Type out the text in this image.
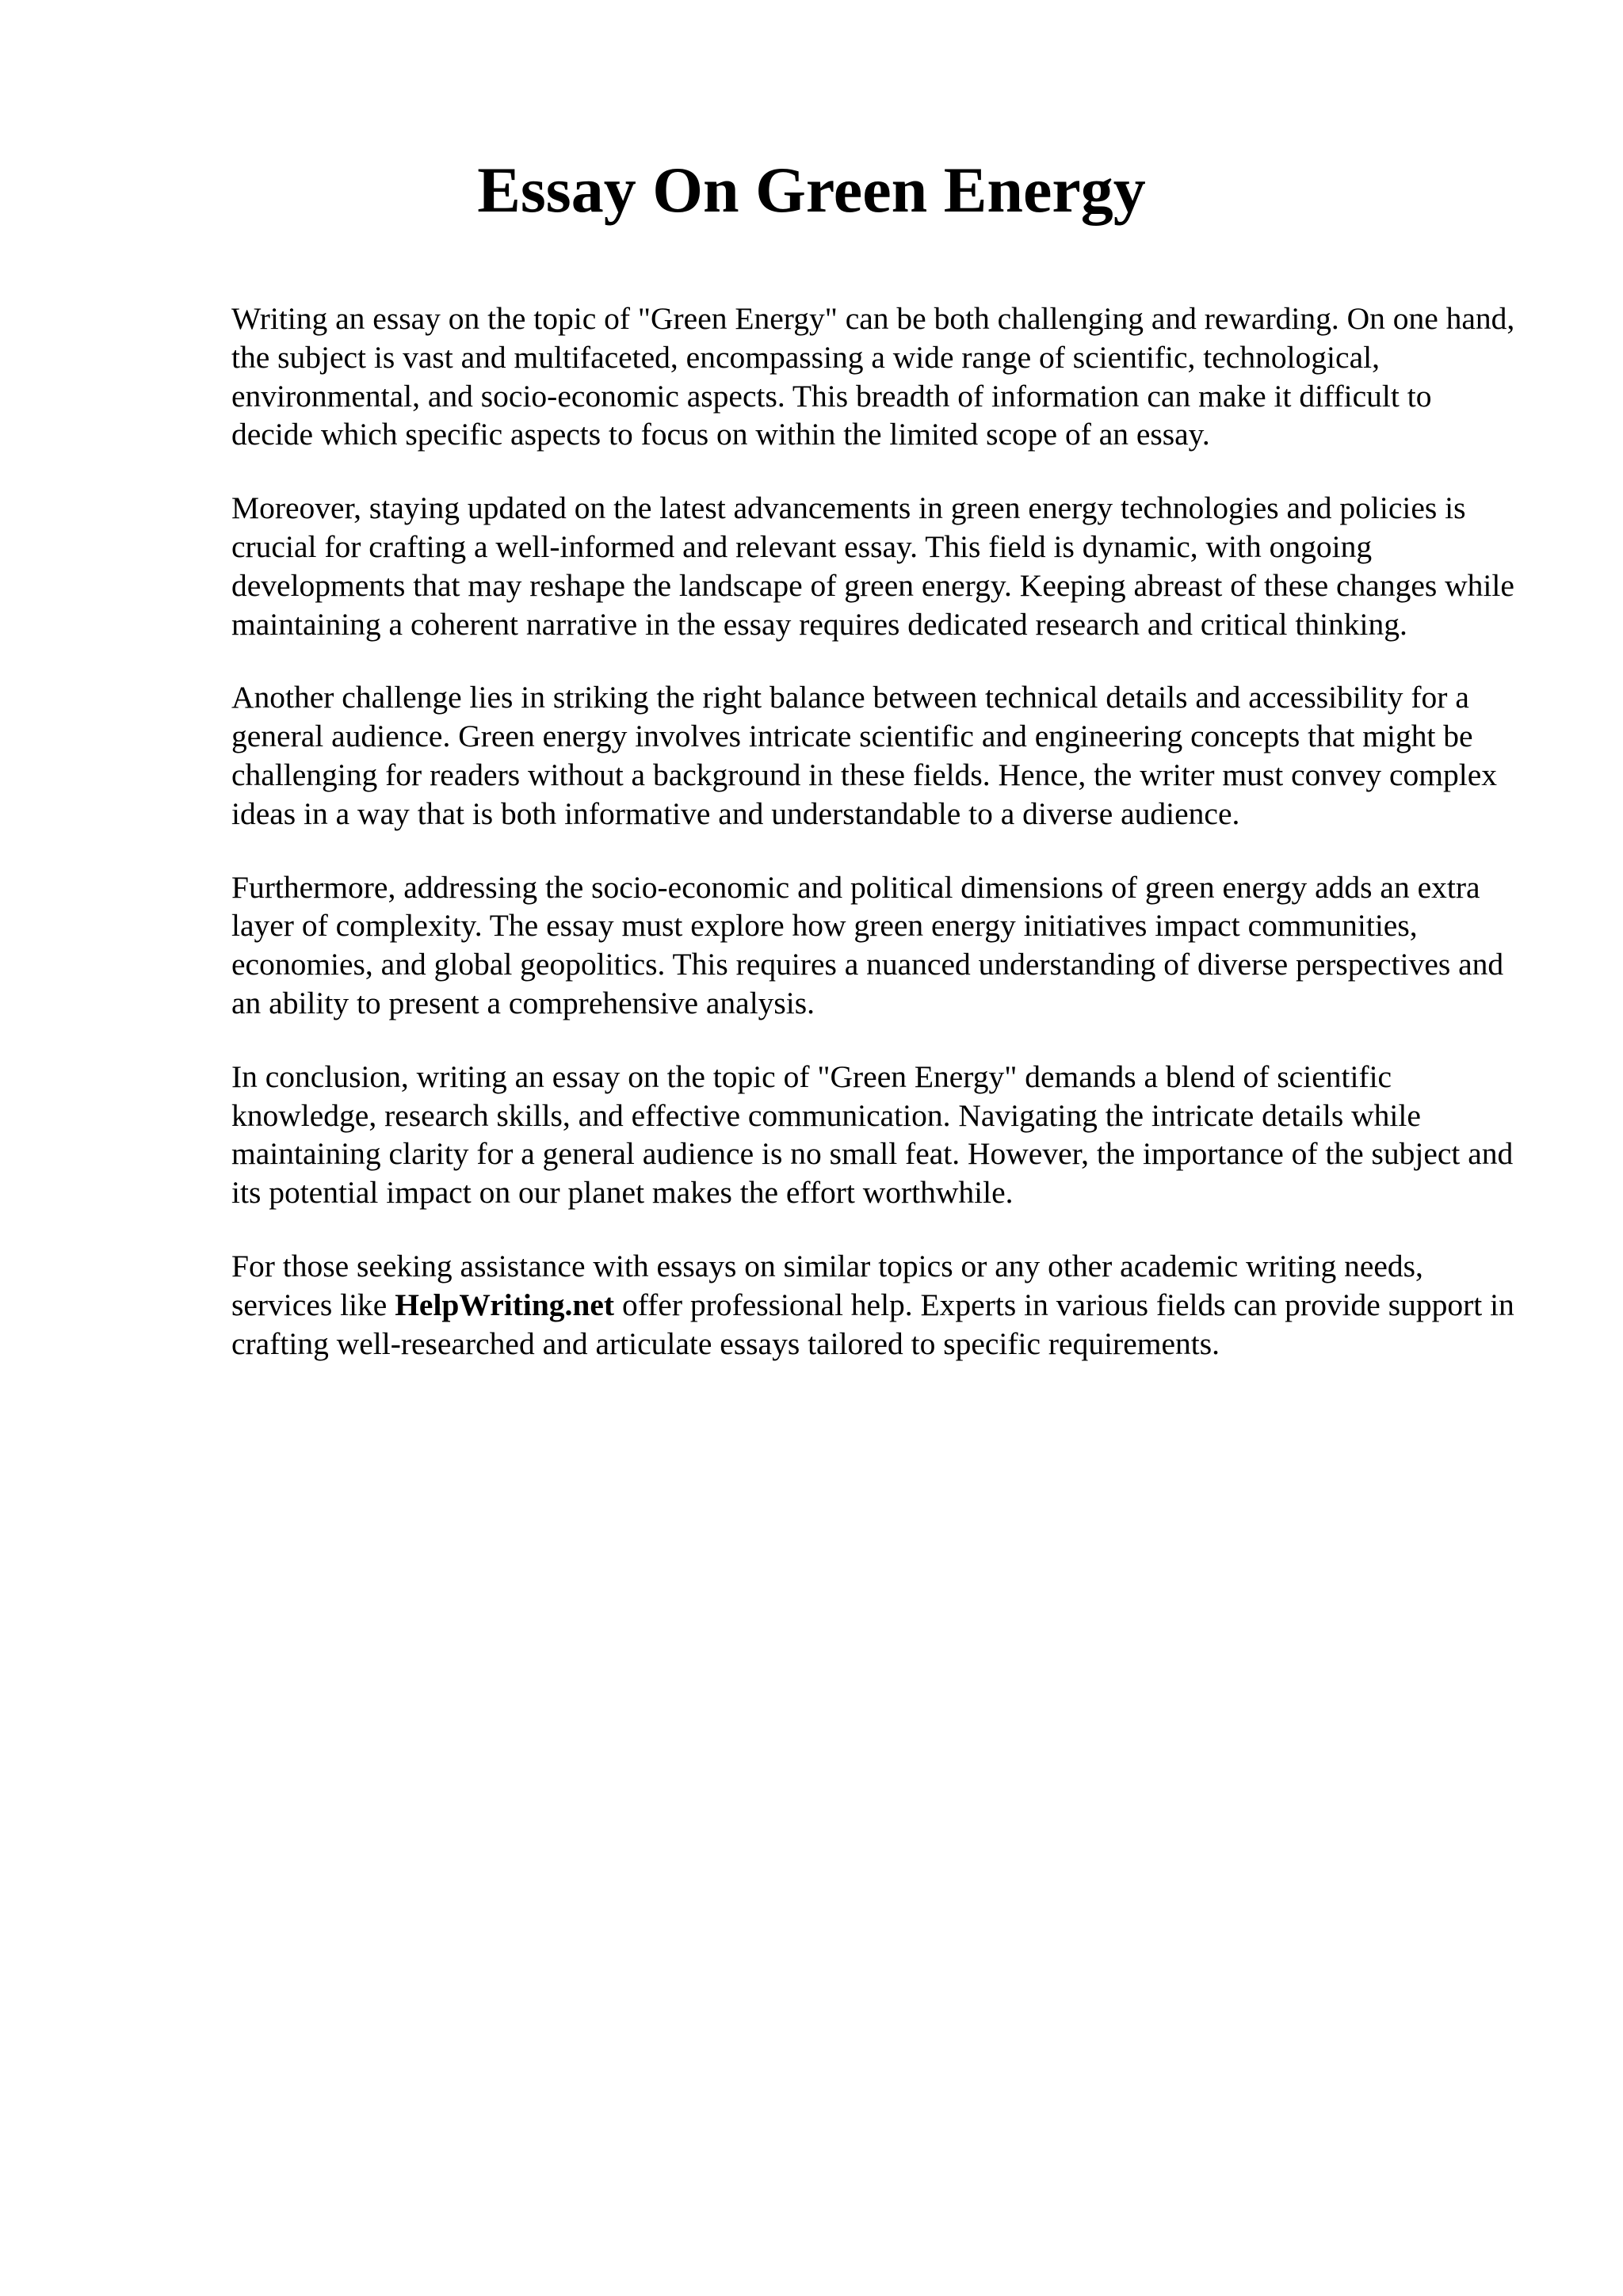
Essay On Green Energy

Writing an essay on the topic of "Green Energy" can be both challenging and rewarding. On one hand, the subject is vast and multifaceted, encompassing a wide range of scientific, technological, environmental, and socio-economic aspects. This breadth of information can make it difficult to decide which specific aspects to focus on within the limited scope of an essay.

Moreover, staying updated on the latest advancements in green energy technologies and policies is crucial for crafting a well-informed and relevant essay. This field is dynamic, with ongoing developments that may reshape the landscape of green energy. Keeping abreast of these changes while maintaining a coherent narrative in the essay requires dedicated research and critical thinking.

Another challenge lies in striking the right balance between technical details and accessibility for a general audience. Green energy involves intricate scientific and engineering concepts that might be challenging for readers without a background in these fields. Hence, the writer must convey complex ideas in a way that is both informative and understandable to a diverse audience.

Furthermore, addressing the socio-economic and political dimensions of green energy adds an extra layer of complexity. The essay must explore how green energy initiatives impact communities, economies, and global geopolitics. This requires a nuanced understanding of diverse perspectives and an ability to present a comprehensive analysis.

In conclusion, writing an essay on the topic of "Green Energy" demands a blend of scientific knowledge, research skills, and effective communication. Navigating the intricate details while maintaining clarity for a general audience is no small feat. However, the importance of the subject and its potential impact on our planet makes the effort worthwhile.

For those seeking assistance with essays on similar topics or any other academic writing needs, services like HelpWriting.net offer professional help. Experts in various fields can provide support in crafting well-researched and articulate essays tailored to specific requirements.
